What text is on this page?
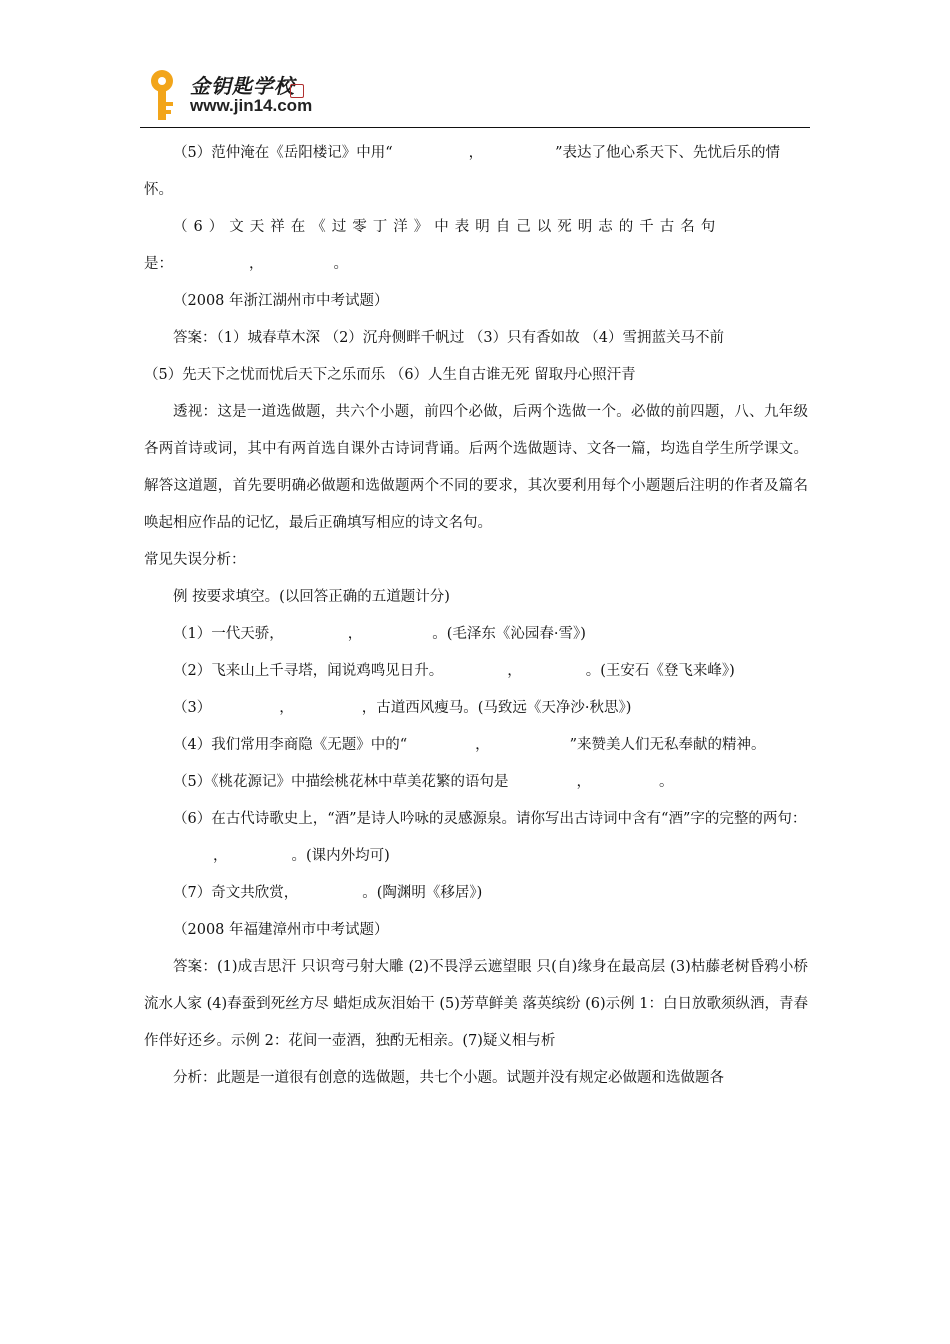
金钥匙学校
www.jin14.com

（5）范仲淹在《岳阳楼记》中用“	，	”表达了他心系天下、先忧后乐的情怀。

（6）文天祥在《过零丁洋》中表明自己以死明志的千古名句

是：	，	。

（2008 年浙江湖州市中考试题）

答案：（1）城春草木深 （2）沉舟侧畔千帆过 （3）只有香如故 （4）雪拥蓝关马不前

（5）先天下之忧而忧后天下之乐而乐 （6）人生自古谁无死 留取丹心照汗青

透视：这是一道选做题，共六个小题，前四个必做，后两个选做一个。必做的前四题，八、九年级各两首诗或词，其中有两首选自课外古诗词背诵。后两个选做题诗、文各一篇，均选自学生所学课文。解答这道题，首先要明确必做题和选做题两个不同的要求，其次要利用每个小题题后注明的作者及篇名唤起相应作品的记忆，最后正确填写相应的诗文名句。

常见失误分析：

例 按要求填空。(以回答正确的五道题计分)

（1）一代天骄，	，	。(毛泽东《沁园春·雪》)

（2）飞来山上千寻塔，闻说鸡鸣见日升。	，	。(王安石《登飞来峰》)

（3）	，	，古道西风瘦马。(马致远《天净沙·秋思》)

（4）我们常用李商隐《无题》中的“	，	”来赞美人们无私奉献的精神。

（5）《桃花源记》中描绘桃花林中草美花繁的语句是	，	。

（6）在古代诗歌史上，“酒”是诗人吟咏的灵感源泉。请你写出古诗词中含有“酒”字的完整的两句：

，	。(课内外均可)

（7）奇文共欣赏，	。(陶渊明《移居》)

（2008 年福建漳州市中考试题）

答案：(1)成吉思汗 只识弯弓射大雕 (2)不畏浮云遮望眼 只(自)缘身在最高层 (3)枯藤老树昏鸦小桥流水人家 (4)春蚕到死丝方尽 蜡炬成灰泪始干 (5)芳草鲜美 落英缤纷 (6)示例 1：白日放歌须纵酒，青春作伴好还乡。示例 2：花间一壶酒，独酌无相亲。(7)疑义相与析

分析：此题是一道很有创意的选做题，共七个小题。试题并没有规定必做题和选做题各
